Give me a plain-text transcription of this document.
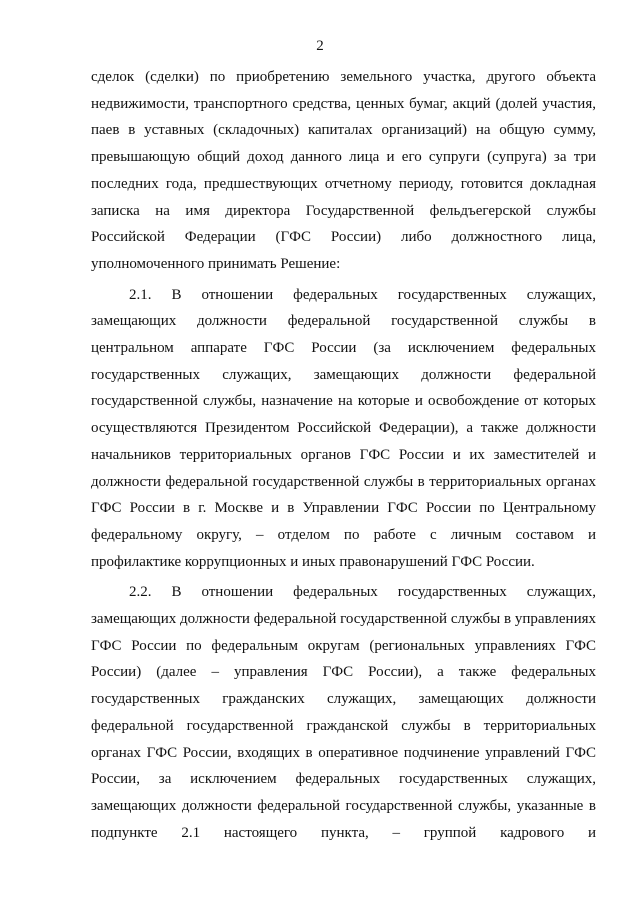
2

сделок (сделки) по приобретению земельного участка, другого объекта недвижимости, транспортного средства, ценных бумаг, акций (долей участия, паев в уставных (складочных) капиталах организаций) на общую сумму, превышающую общий доход данного лица и его супруги (супруга) за три последних года, предшествующих отчетному периоду, готовится докладная записка на имя директора Государственной фельдъегерской службы Российской Федерации (ГФС России) либо должностного лица, уполномоченного принимать Решение:

2.1. В отношении федеральных государственных служащих, замещающих должности федеральной государственной службы в центральном аппарате ГФС России (за исключением федеральных государственных служащих, замещающих должности федеральной государственной службы, назначение на которые и освобождение от которых осуществляются Президентом Российской Федерации), а также должности начальников территориальных органов ГФС России и их заместителей и должности федеральной государственной службы в территориальных органах ГФС России в г. Москве и в Управлении ГФС России по Центральному федеральному округу, – отделом по работе с личным составом и профилактике коррупционных и иных правонарушений ГФС России.

2.2. В отношении федеральных государственных служащих, замещающих должности федеральной государственной службы в управлениях ГФС России по федеральным округам (региональных управлениях ГФС России) (далее – управления ГФС России), а также федеральных государственных гражданских служащих, замещающих должности федеральной государственной гражданской службы в территориальных органах ГФС России, входящих в оперативное подчинение управлений ГФС России, за исключением федеральных государственных служащих, замещающих должности федеральной государственной службы, указанные в подпункте 2.1 настоящего пункта, – группой кадрового и
